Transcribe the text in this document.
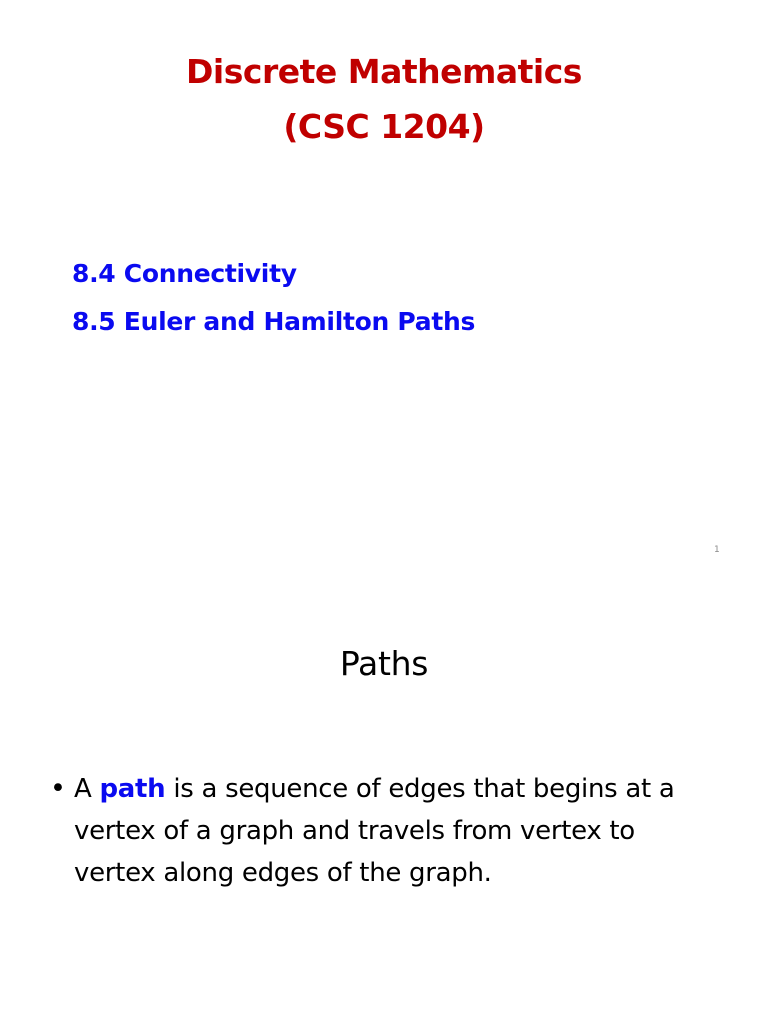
Discrete Mathematics
(CSC 1204)
8.4 Connectivity
8.5 Euler and Hamilton Paths
1
Paths
• A path is a sequence of edges that begins at a
vertex of a graph and travels from vertex to
vertex along edges of the graph.
